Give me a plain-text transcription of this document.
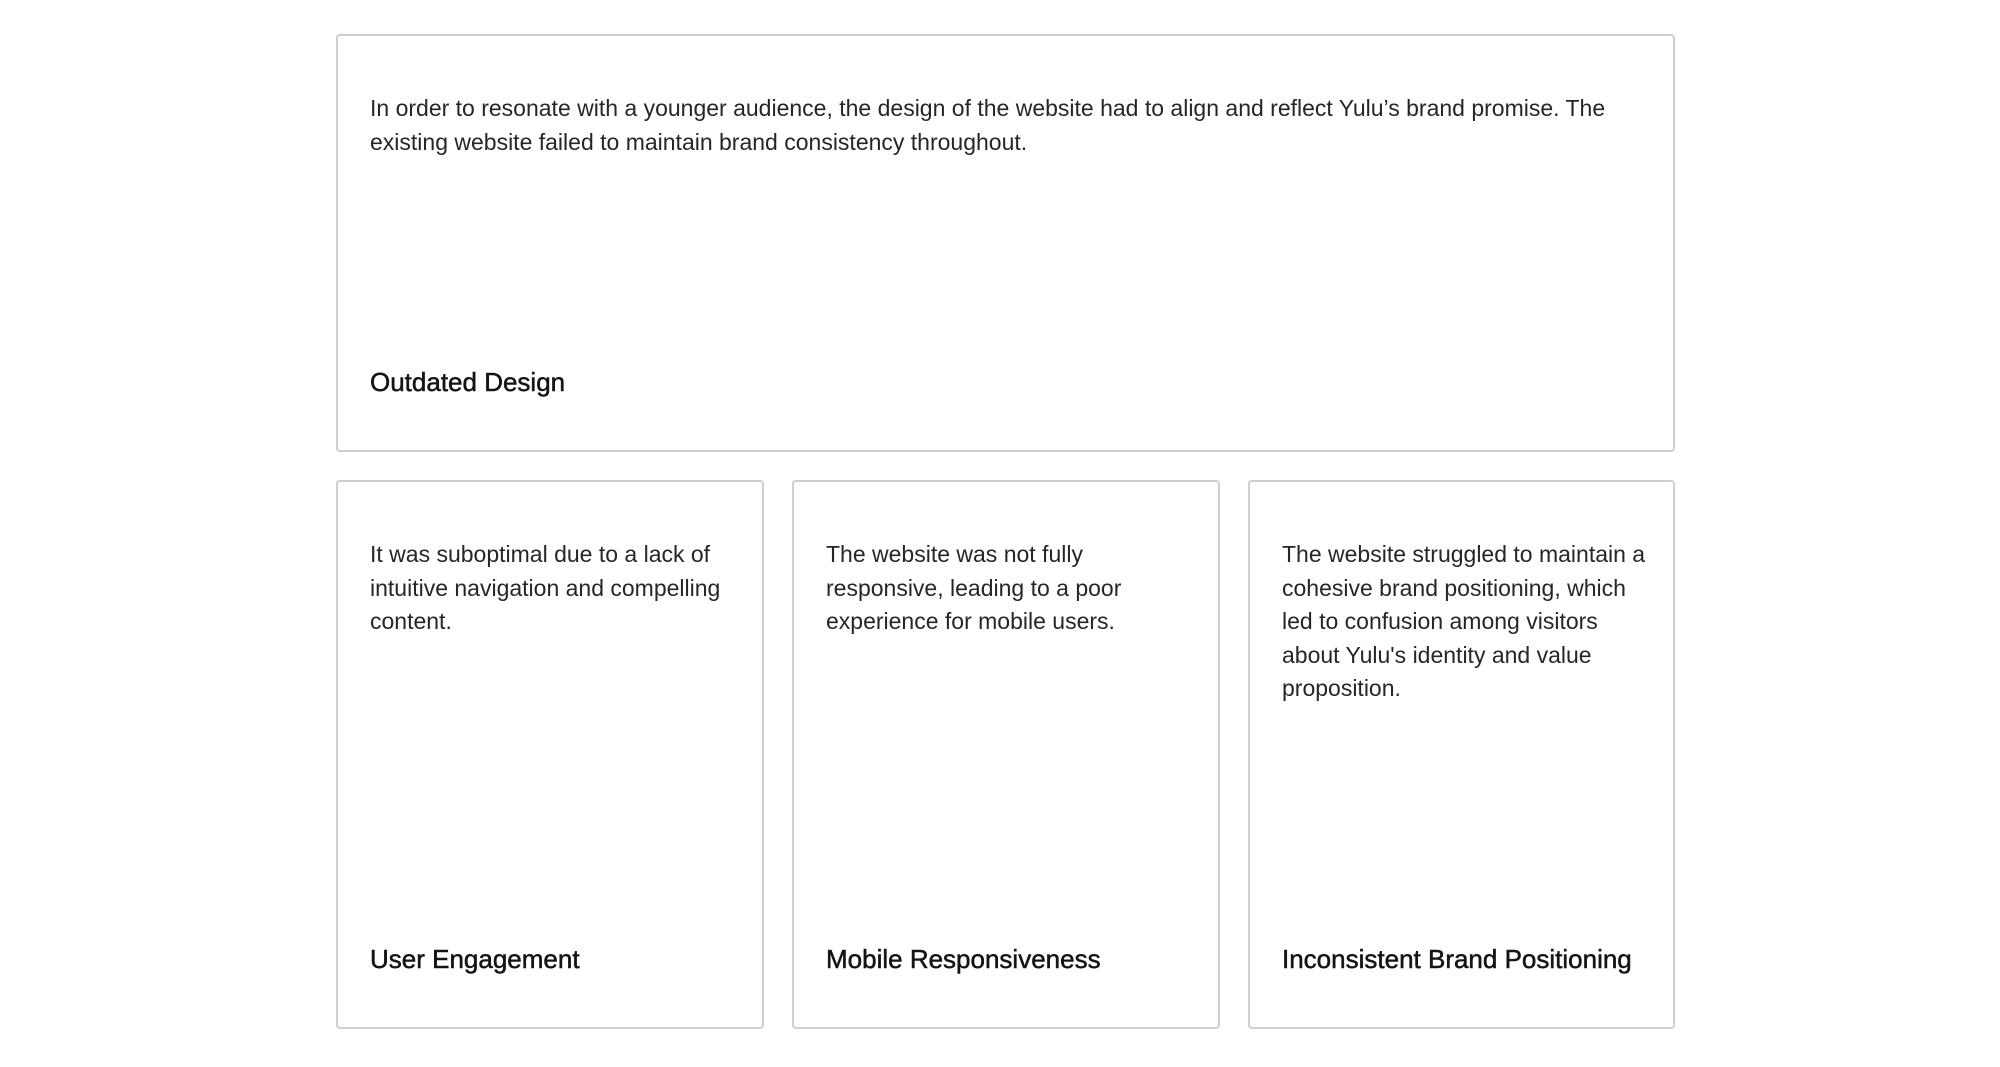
In order to resonate with a younger audience, the design of the website had to align and reflect Yulu’s brand promise. The existing website failed to maintain brand consistency throughout.

Outdated Design

It was suboptimal due to a lack of intuitive navigation and compelling content.

User Engagement

The website was not fully responsive, leading to a poor experience for mobile users.

Mobile Responsiveness

The website struggled to maintain a cohesive brand positioning, which led to confusion among visitors about Yulu's identity and value proposition.

Inconsistent Brand Positioning
